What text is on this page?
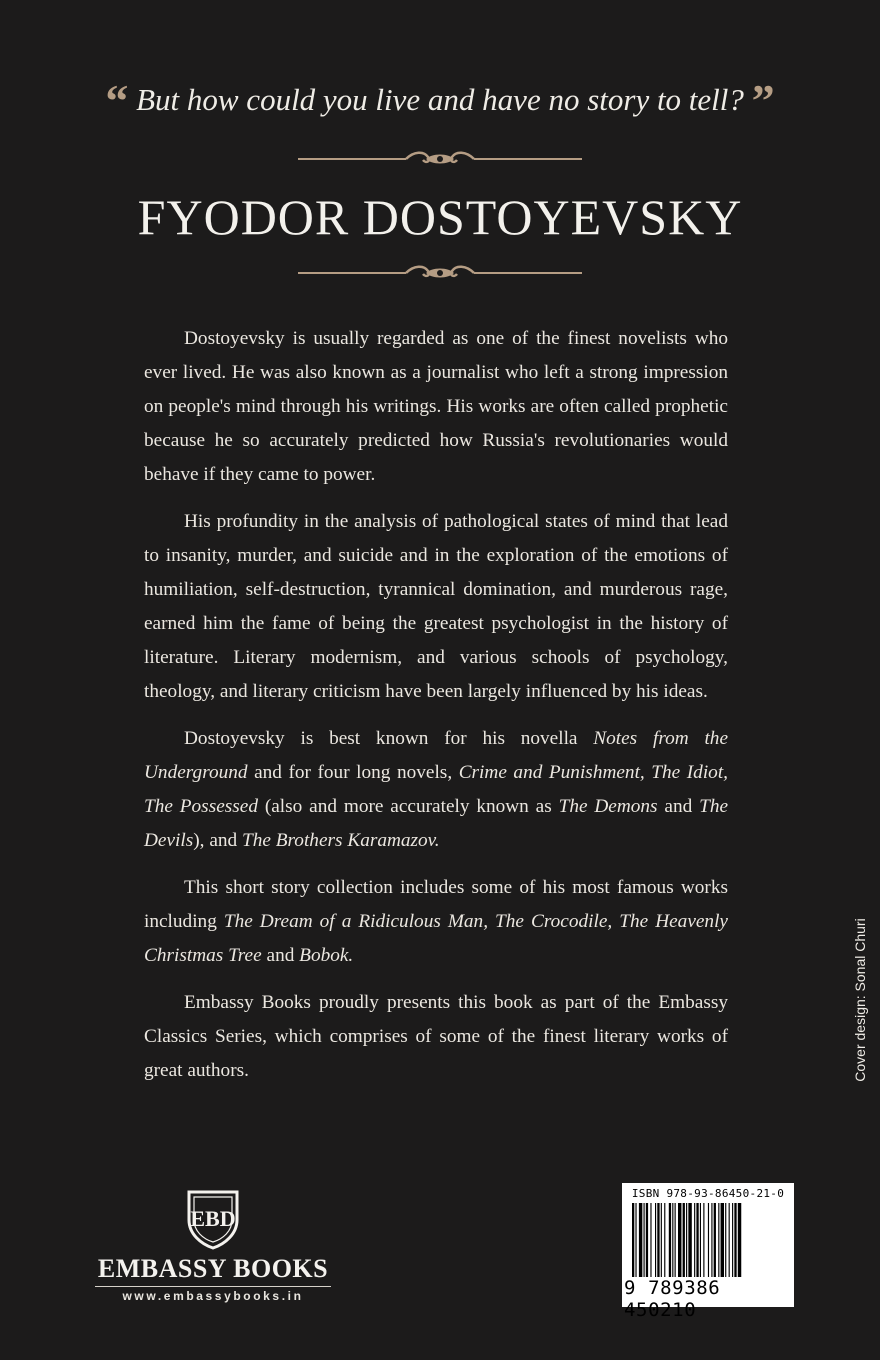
“ But how could you live and have no story to tell? ”
FYODOR DOSTOYEVSKY

Dostoyevsky is usually regarded as one of the finest novelists who ever lived. He was also known as a journalist who left a strong impression on people's mind through his writings. His works are often called prophetic because he so accurately predicted how Russia's revolutionaries would behave if they came to power.

His profundity in the analysis of pathological states of mind that lead to insanity, murder, and suicide and in the exploration of the emotions of humiliation, self-destruction, tyrannical domination, and murderous rage, earned him the fame of being the greatest psychologist in the history of literature. Literary modernism, and various schools of psychology, theology, and literary criticism have been largely influenced by his ideas.

Dostoyevsky is best known for his novella Notes from the Underground and for four long novels, Crime and Punishment, The Idiot, The Possessed (also and more accurately known as The Demons and The Devils), and The Brothers Karamazov.

This short story collection includes some of his most famous works including The Dream of a Ridiculous Man, The Crocodile, The Heavenly Christmas Tree and Bobok.

Embassy Books proudly presents this book as part of the Embassy Classics Series, which comprises of some of the finest literary works of great authors.	Cover design: Sonal Churi
EBD
EMBASSY BOOKS
www.embassybooks.in
ISBN 978-93-86450-21-0
9 789386 450210
